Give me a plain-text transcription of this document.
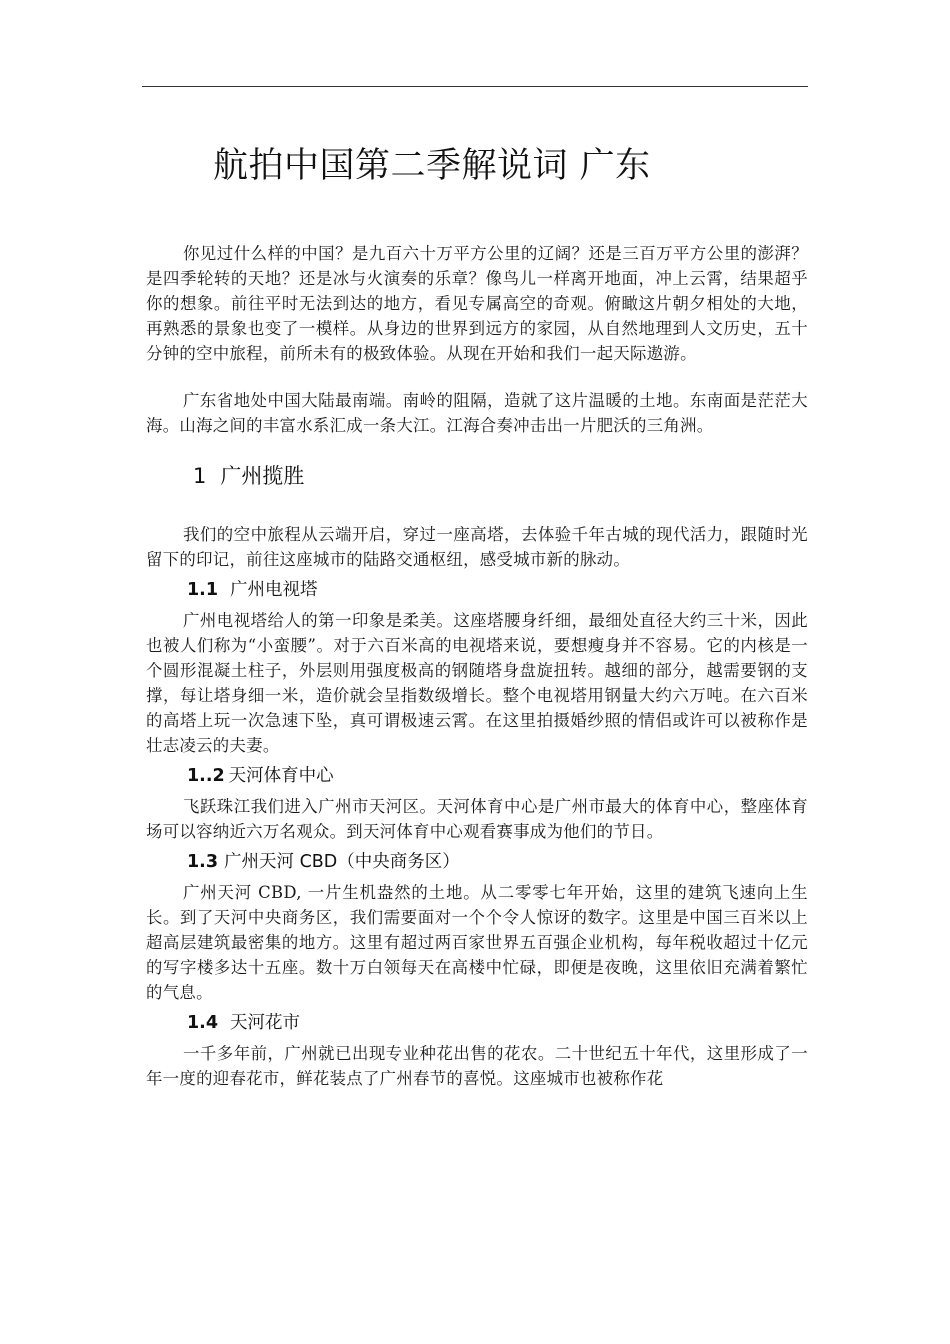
航拍中国第二季解说词 广东

你见过什么样的中国？是九百六十万平方公里的辽阔？还是三百万平方公里的澎湃？是四季轮转的天地？还是冰与火演奏的乐章？像鸟儿一样离开地面，冲上云霄，结果超乎你的想象。前往平时无法到达的地方，看见专属高空的奇观。俯瞰这片朝夕相处的大地，再熟悉的景象也变了一模样。从身边的世界到远方的家园，从自然地理到人文历史，五十分钟的空中旅程，前所未有的极致体验。从现在开始和我们一起天际遨游。

广东省地处中国大陆最南端。南岭的阻隔，造就了这片温暖的土地。东南面是茫茫大海。山海之间的丰富水系汇成一条大江。江海合奏冲击出一片肥沃的三角洲。

1 广州揽胜

我们的空中旅程从云端开启，穿过一座高塔，去体验千年古城的现代活力，跟随时光留下的印记，前往这座城市的陆路交通枢纽，感受城市新的脉动。

1.1 广州电视塔

广州电视塔给人的第一印象是柔美。这座塔腰身纤细，最细处直径大约三十米，因此也被人们称为“小蛮腰”。对于六百米高的电视塔来说，要想瘦身并不容易。它的内核是一个圆形混凝土柱子，外层则用强度极高的钢随塔身盘旋扭转。越细的部分，越需要钢的支撑，每让塔身细一米，造价就会呈指数级增长。整个电视塔用钢量大约六万吨。在六百米的高塔上玩一次急速下坠，真可谓极速云霄。在这里拍摄婚纱照的情侣或许可以被称作是壮志凌云的夫妻。

1..2 天河体育中心

飞跃珠江我们进入广州市天河区。天河体育中心是广州市最大的体育中心，整座体育场可以容纳近六万名观众。到天河体育中心观看赛事成为他们的节日。

1.3 广州天河 CBD（中央商务区）

广州天河 CBD, 一片生机盎然的土地。从二零零七年开始，这里的建筑飞速向上生长。到了天河中央商务区，我们需要面对一个个令人惊讶的数字。这里是中国三百米以上超高层建筑最密集的地方。这里有超过两百家世界五百强企业机构，每年税收超过十亿元的写字楼多达十五座。数十万白领每天在高楼中忙碌，即便是夜晚，这里依旧充满着繁忙的气息。

1.4 天河花市

一千多年前，广州就已出现专业种花出售的花农。二十世纪五十年代，这里形成了一年一度的迎春花市，鲜花装点了广州春节的喜悦。这座城市也被称作花
